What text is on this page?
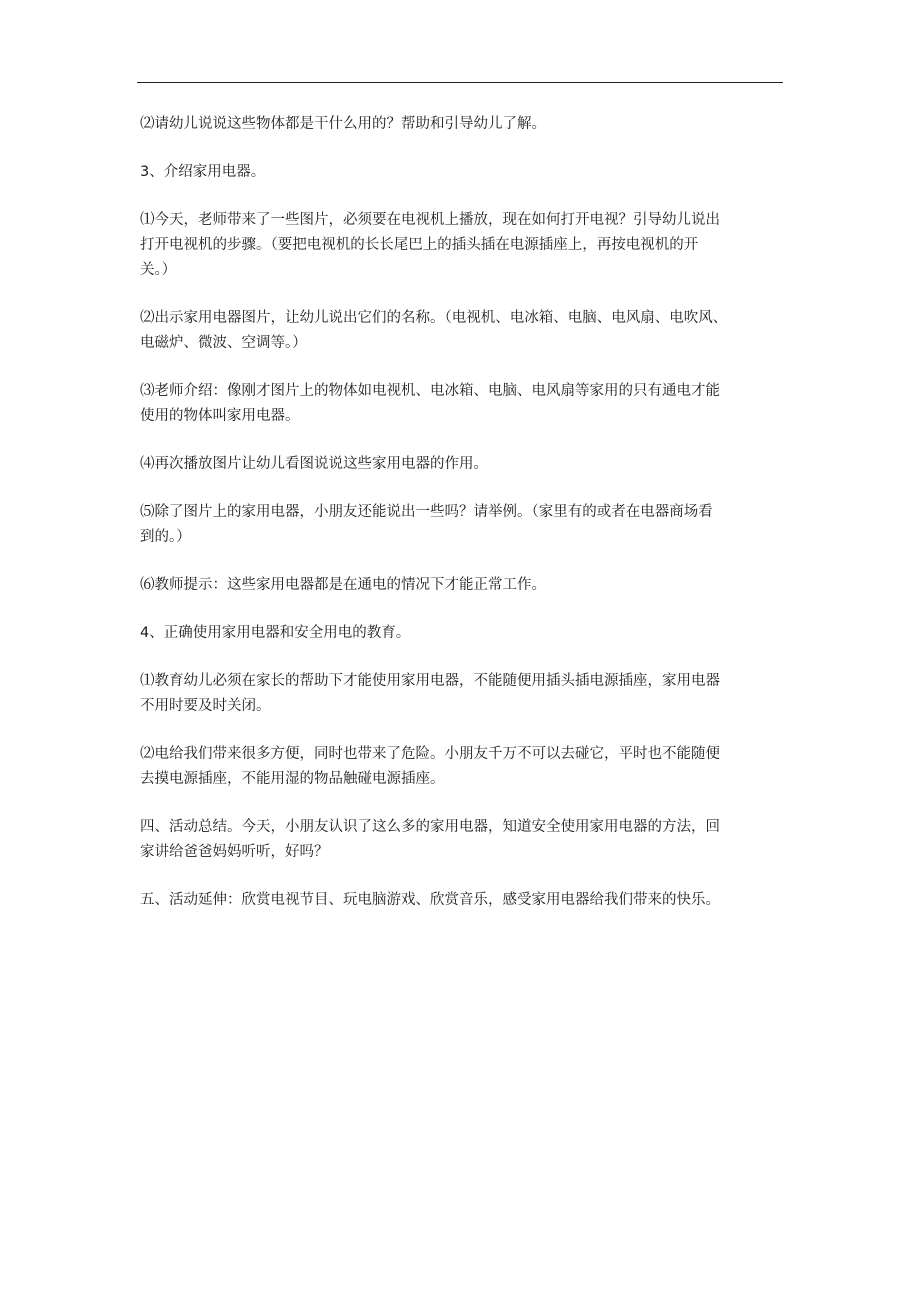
⑵请幼儿说说这些物体都是干什么用的？帮助和引导幼儿了解。

3、介绍家用电器。

⑴今天，老师带来了一些图片，必须要在电视机上播放，现在如何打开电视？引导幼儿说出
打开电视机的步骤。（要把电视机的长长尾巴上的插头插在电源插座上，再按电视机的开
关。）

⑵出示家用电器图片，让幼儿说出它们的名称。（电视机、电冰箱、电脑、电风扇、电吹风、
电磁炉、微波、空调等。）

⑶老师介绍：像刚才图片上的物体如电视机、电冰箱、电脑、电风扇等家用的只有通电才能
使用的物体叫家用电器。

⑷再次播放图片让幼儿看图说说这些家用电器的作用。

⑸除了图片上的家用电器，小朋友还能说出一些吗？请举例。（家里有的或者在电器商场看
到的。）

⑹教师提示：这些家用电器都是在通电的情况下才能正常工作。

4、正确使用家用电器和安全用电的教育。

⑴教育幼儿必须在家长的帮助下才能使用家用电器，不能随便用插头插电源插座，家用电器
不用时要及时关闭。

⑵电给我们带来很多方便，同时也带来了危险。小朋友千万不可以去碰它，平时也不能随便
去摸电源插座，不能用湿的物品触碰电源插座。

四、活动总结。今天，小朋友认识了这么多的家用电器，知道安全使用家用电器的方法，回
家讲给爸爸妈妈听听，好吗？

五、活动延伸：欣赏电视节目、玩电脑游戏、欣赏音乐，感受家用电器给我们带来的快乐。
